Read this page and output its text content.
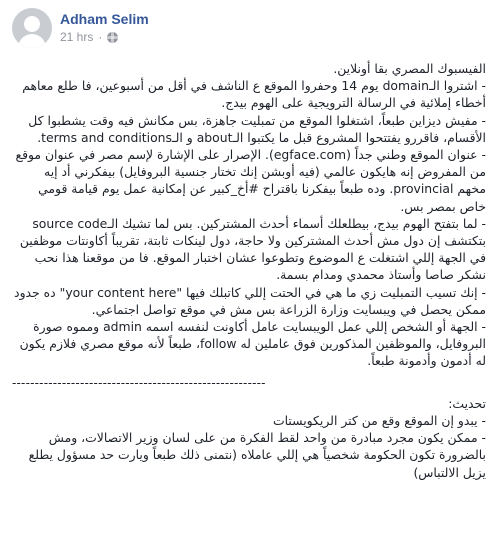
Adham Selim
21 hrs ·

الفيسبوك المصري بقا أونلاين.

- اشتروا الـdomain يوم 14 وحفروا الموقع ع الناشف في أقل من أسبوعين، فا طلع معاهم أخطاء إملائية في الرسالة الترويجية على الهوم بيدج.

- مفيش ديزاين طبعاً، اشتغلوا الموقع من تمبليت جاهزة، بس مكانش فيه وقت يشطبوا كل الأقسام، فاقررو يفتتحوا المشروع قبل ما يكتبوا الـabout و الـterms and conditions.

- عنوان الموقع وطني جداً (egface.com). الإصرار على الإشارة لإسم مصر في عنوان موقع من المفروض إنه هايكون عالمي (فيه أوبشن إنك تختار جنسية البروفايل) بيفكرني أد إيه مخهم provincial. وده طبعاً بيفكرنا باقتراح #أخ_كبير عن إمكانية عمل يوم قيامة قومي خاص بمصر بس.

- لما بتفتح الهوم بيدج، بيطلعلك أسماء أحدث المشتركين. بس لما تشيك الـsource code بتكتشف إن دول مش أحدث المشتركين ولا حاجة، دول لينكات ثابتة، تقريباً أكاونتات موظفين في الجهة إللي اشتغلت ع الموضوع وتطوعوا عشان اختبار الموقع. فا من موقعنا هذا نحب نشكر صاصا وأستاذ محمدي ومدام بسمة.

- إنك تسيب التمبليت زي ما هي في الحتت إللي كاتبلك فيها "your content here" ده جدود ممكن يحصل في ويبسايت وزارة الزراعة بس مش في موقع تواصل اجتماعي.

- الجهة أو الشخص إللي عمل الويبسايت عامل أكاونت لنفسه اسمه admin ومموه صورة البروفايل، والموظفين المذكورين فوق عاملين له follow، طبعاً لأنه موقع مصري فلازم يكون له أدمون وأدمونة طبعاً.

--------------------------------------------------------

تحديث:

- يبدو إن الموقع وقع من كتر الريكويستات

- ممكن يكون مجرد مبادرة من واحد لقط الفكرة من على لسان وزير الاتصالات، ومش بالضرورة تكون الحكومة شخصياً هي إللي عاملاه (نتمنى ذلك طبعاً ويارت حد مسؤول يطلع يزيل الالتباس)
